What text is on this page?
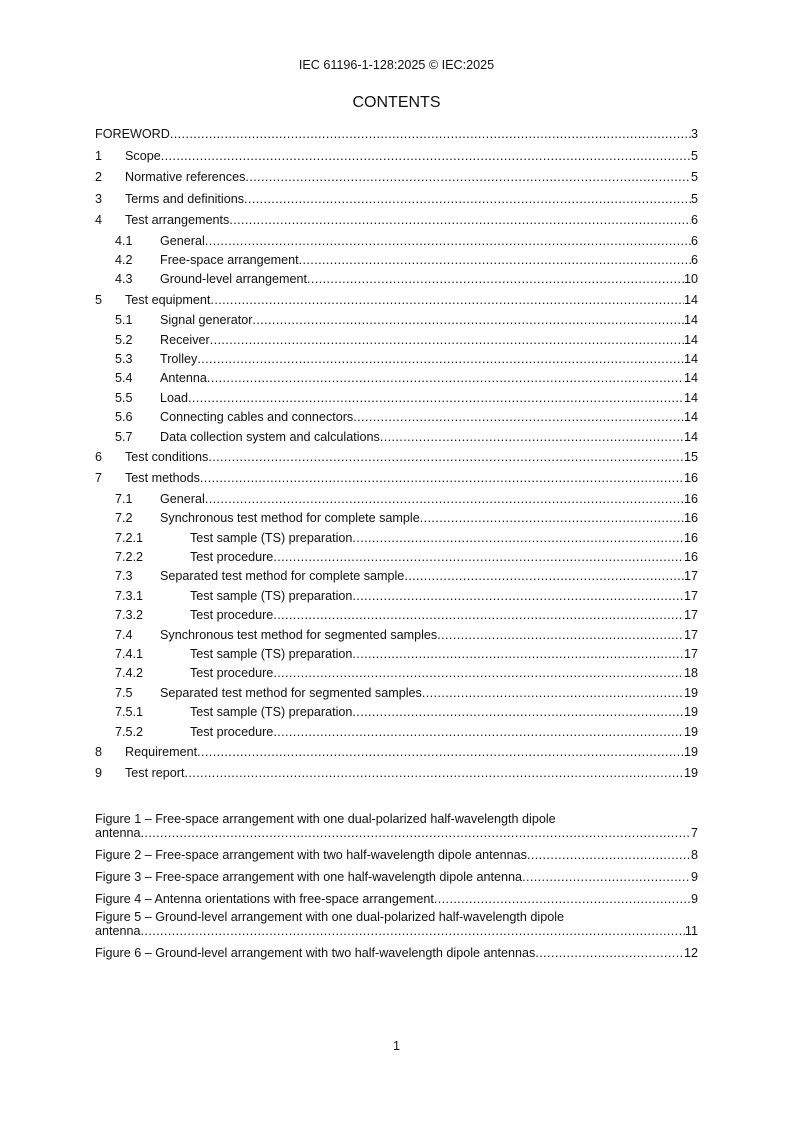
IEC 61196-1-128:2025 © IEC:2025
CONTENTS
FOREWORD .....	3
1	Scope .....	5
2	Normative references .....	5
3	Terms and definitions .....	5
4	Test arrangements .....	6
4.1	General .....	6
4.2	Free-space arrangement .....	6
4.3	Ground-level arrangement .....	10
5	Test equipment .....	14
5.1	Signal generator .....	14
5.2	Receiver .....	14
5.3	Trolley .....	14
5.4	Antenna .....	14
5.5	Load .....	14
5.6	Connecting cables and connectors .....	14
5.7	Data collection system and calculations .....	14
6	Test conditions .....	15
7	Test methods .....	16
7.1	General .....	16
7.2	Synchronous test method for complete sample .....	16
7.2.1	Test sample (TS) preparation .....	16
7.2.2	Test procedure .....	16
7.3	Separated test method for complete sample .....	17
7.3.1	Test sample (TS) preparation .....	17
7.3.2	Test procedure .....	17
7.4	Synchronous test method for segmented samples .....	17
7.4.1	Test sample (TS) preparation .....	17
7.4.2	Test procedure .....	18
7.5	Separated test method for segmented samples .....	19
7.5.1	Test sample (TS) preparation .....	19
7.5.2	Test procedure .....	19
8	Requirement .....	19
9	Test report .....	19
Figure 1 – Free-space arrangement with one dual-polarized half-wavelength dipole
antenna .....	7
Figure 2 – Free-space arrangement with two half-wavelength dipole antennas .....	8
Figure 3 – Free-space arrangement with one half-wavelength dipole antenna .....	9
Figure 4 – Antenna orientations with free-space arrangement .....	9
Figure 5 – Ground-level arrangement with one dual-polarized half-wavelength dipole
antenna .....	11
Figure 6 – Ground-level arrangement with two half-wavelength dipole antennas .....	12
1
